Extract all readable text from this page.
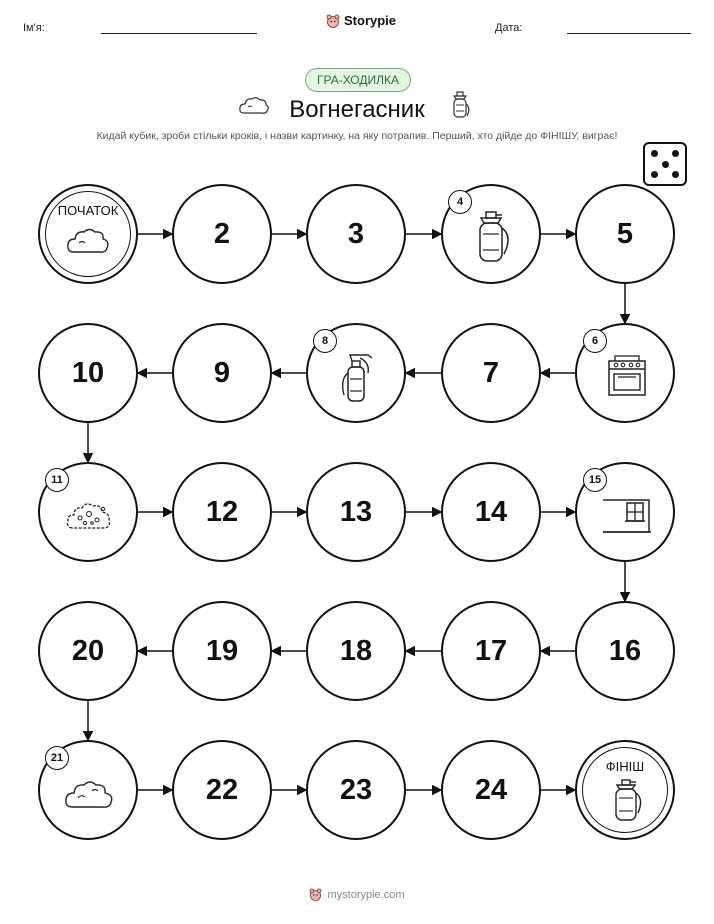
Ім'я:	Storypie	Дата:
ГРА-ХОДИЛКА
Вогнегасник
Кидай кубик, зроби стільки кроків, і назви картинку, на яку потрапив. Перший, хто дійде до ФІНІШУ, виграє!
ПОЧАТОК
2	3
4
5
6
7
8
9
10
11
12	13	14
15
16
17
18
19
20
21
22	23	24
ФІНІШ
mystorypie.com
